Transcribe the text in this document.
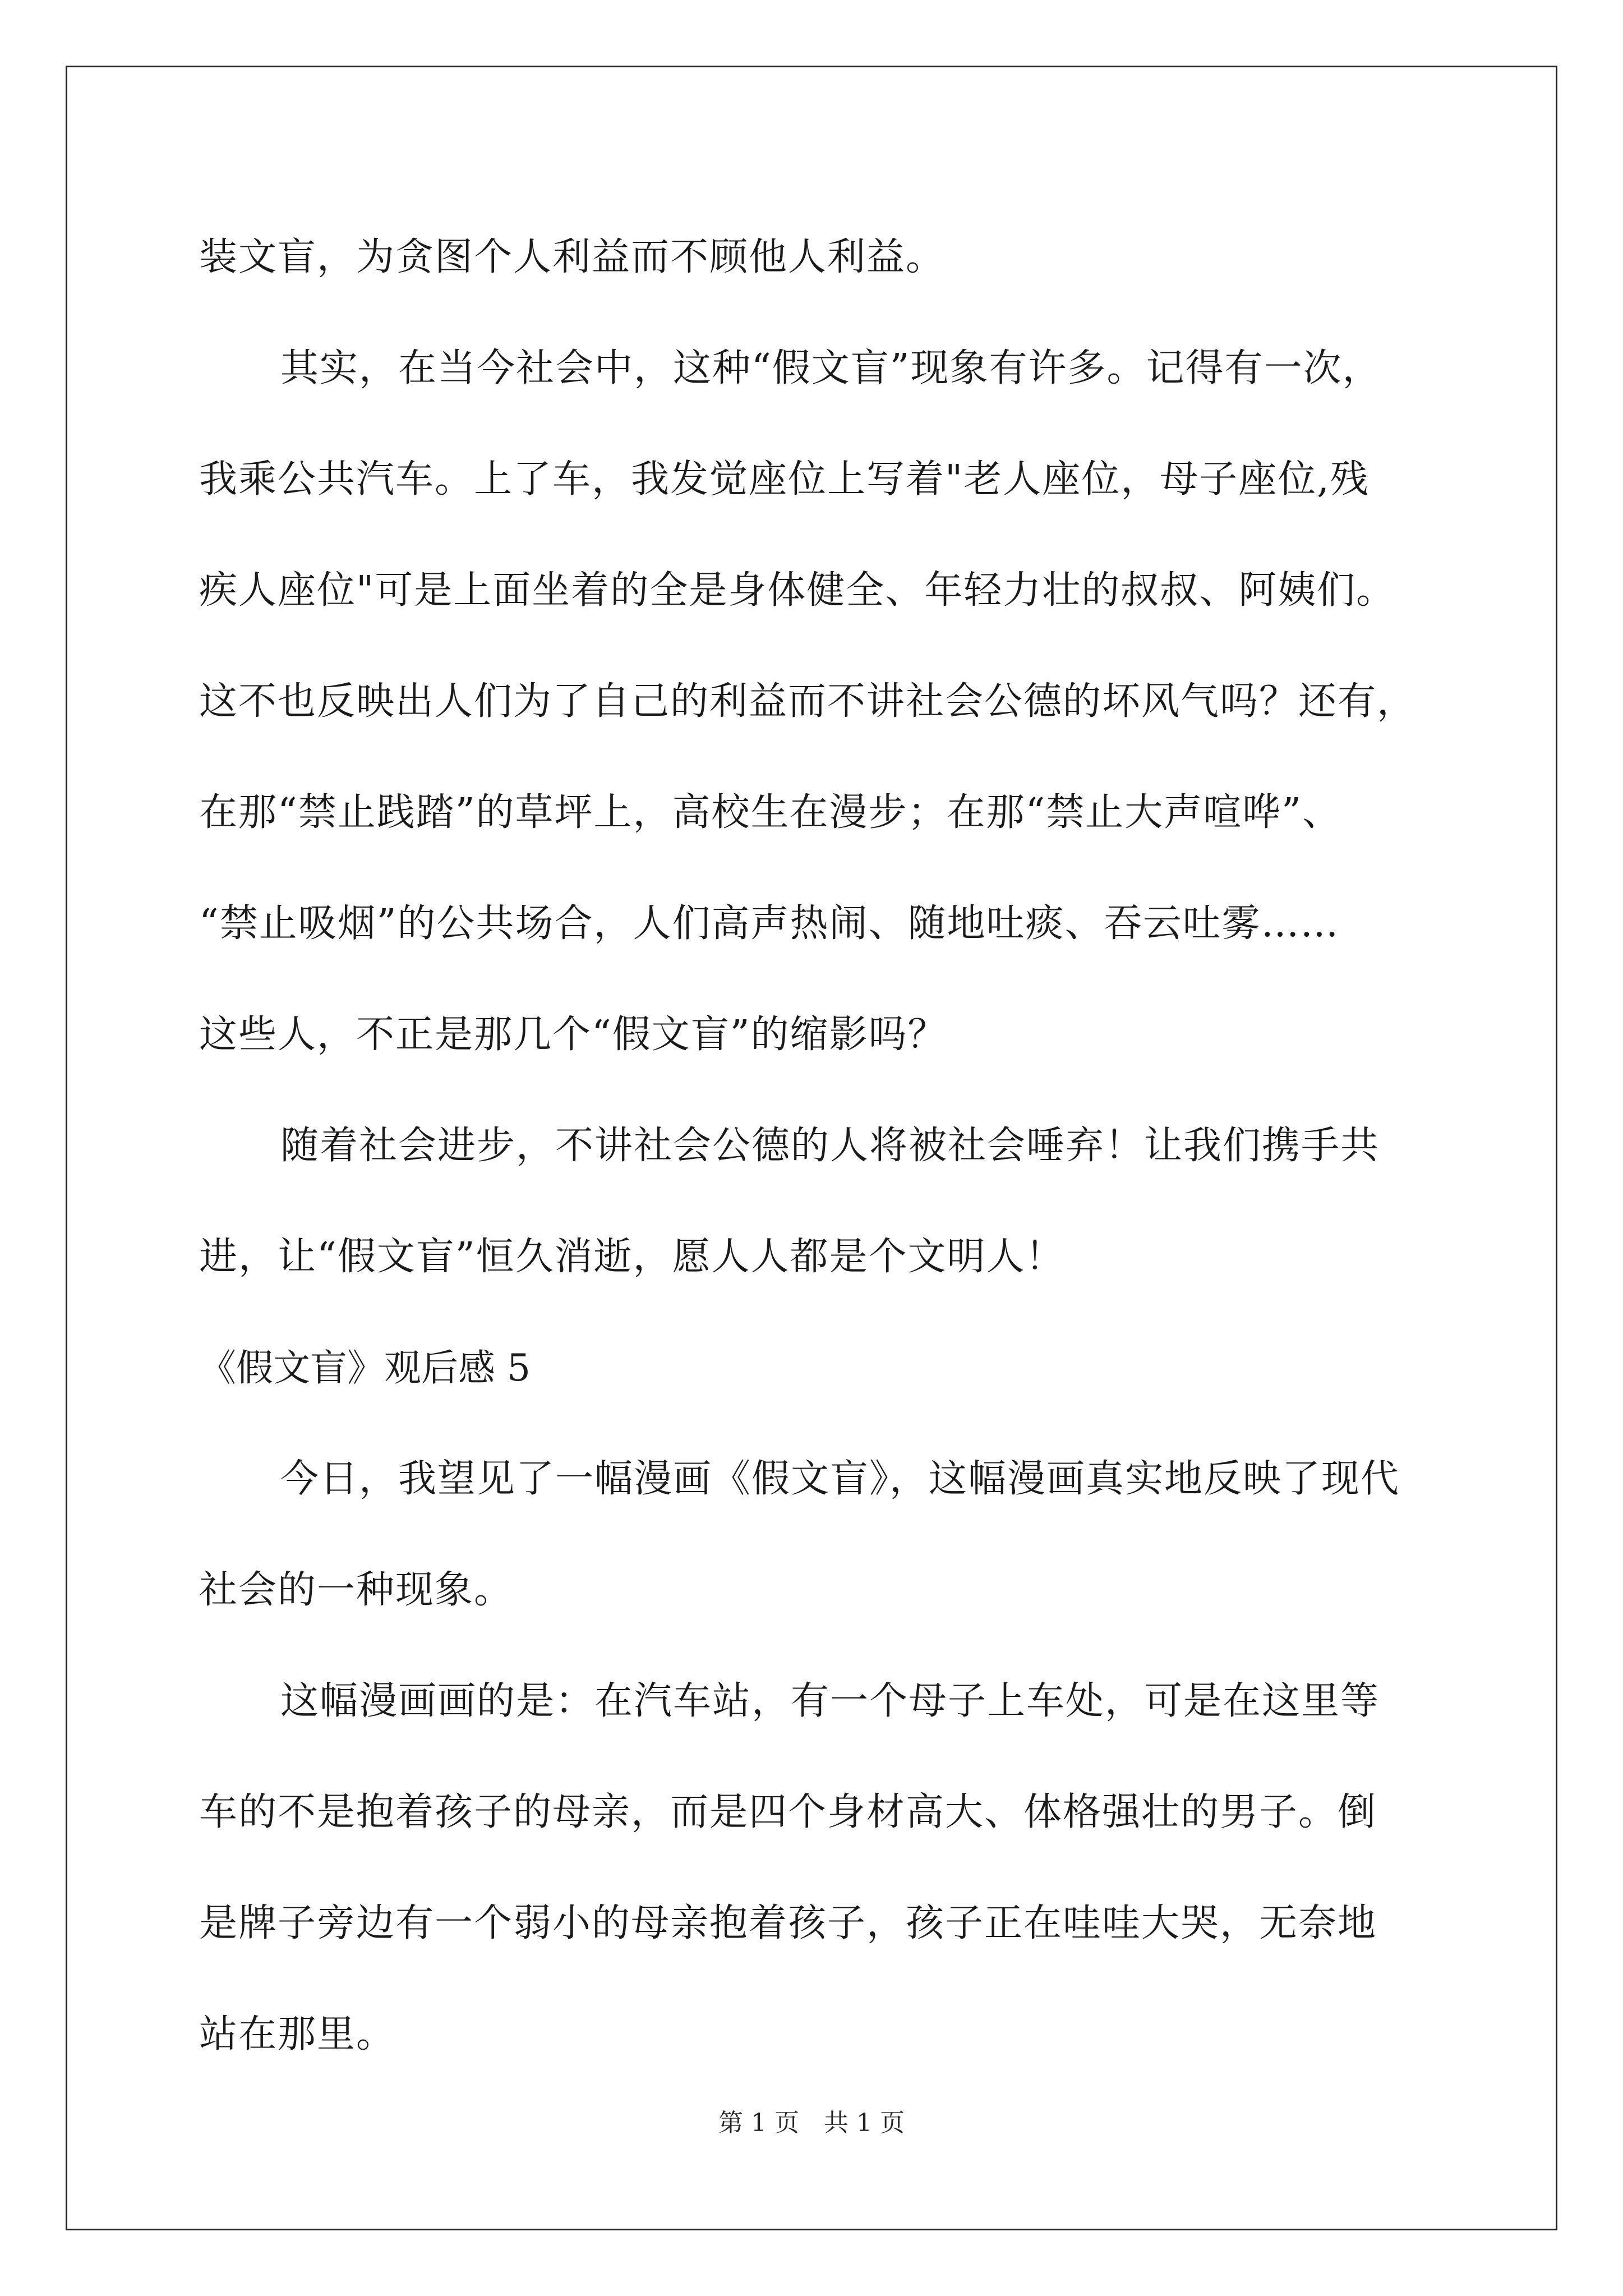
装文盲，为贪图个人利益而不顾他人利益。
其实，在当今社会中，这种“假文盲”现象有许多。记得有一次，
我乘公共汽车。上了车，我发觉座位上写着"老人座位，母子座位,残
疾人座位"可是上面坐着的全是身体健全、年轻力壮的叔叔、阿姨们。
这不也反映出人们为了自己的利益而不讲社会公德的坏风气吗？还有，
在那“禁止践踏”的草坪上，高校生在漫步；在那“禁止大声喧哗”、
“禁止吸烟”的公共场合，人们高声热闹、随地吐痰、吞云吐雾……
这些人，不正是那几个“假文盲”的缩影吗？
随着社会进步，不讲社会公德的人将被社会唾弃！让我们携手共
进，让“假文盲”恒久消逝，愿人人都是个文明人！
《假文盲》观后感 5
今日，我望见了一幅漫画《假文盲》，这幅漫画真实地反映了现代
社会的一种现象。
这幅漫画画的是：在汽车站，有一个母子上车处，可是在这里等
车的不是抱着孩子的母亲，而是四个身材高大、体格强壮的男子。倒
是牌子旁边有一个弱小的母亲抱着孩子，孩子正在哇哇大哭，无奈地
站在那里。
第 1 页　共 1 页
